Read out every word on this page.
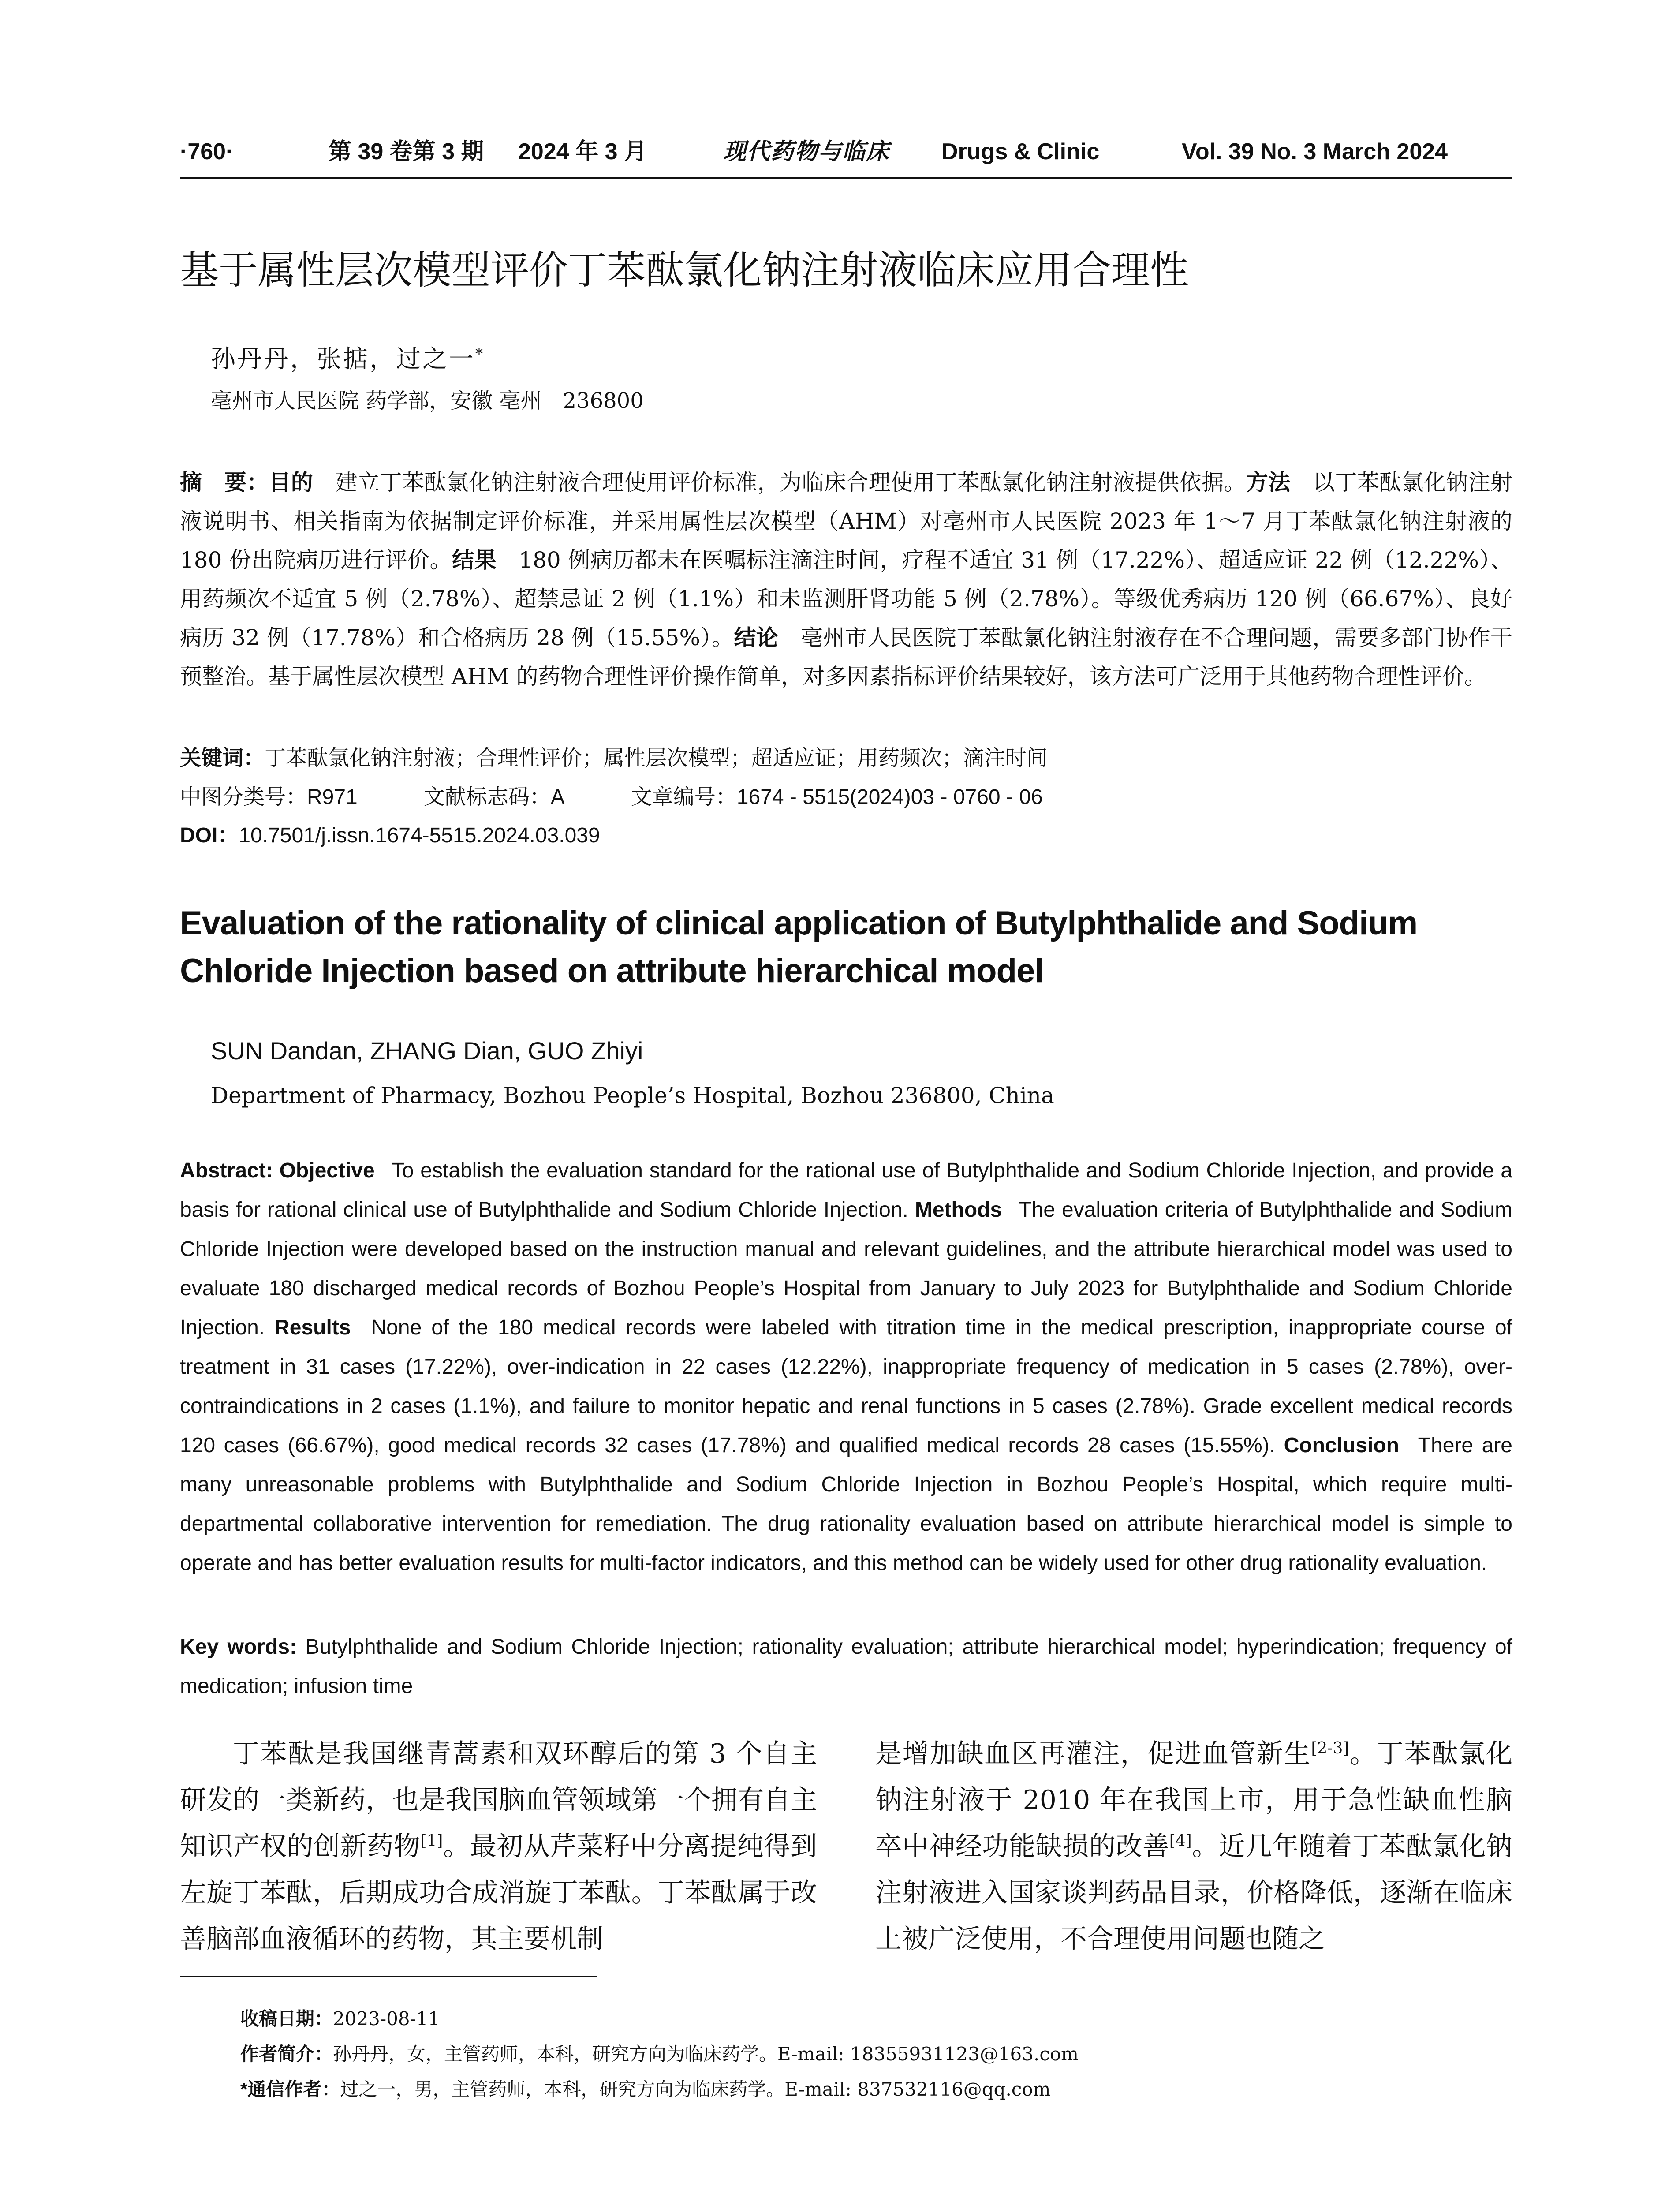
·760·	第 39 卷第 3 期 2024 年 3 月	现代药物与临床 Drugs & Clinic	Vol. 39 No. 3 March 2024
基于属性层次模型评价丁苯酞氯化钠注射液临床应用合理性
孙丹丹，张掂，过之一*
亳州市人民医院 药学部，安徽 亳州　236800
摘　要：目的  建立丁苯酞氯化钠注射液合理使用评价标准，为临床合理使用丁苯酞氯化钠注射液提供依据。方法  以丁苯酞氯化钠注射液说明书、相关指南为依据制定评价标准，并采用属性层次模型（AHM）对亳州市人民医院 2023 年 1～7 月丁苯酞氯化钠注射液的 180 份出院病历进行评价。结果  180 例病历都未在医嘱标注滴注时间，疗程不适宜 31 例（17.22%）、超适应证 22 例（12.22%）、用药频次不适宜 5 例（2.78%）、超禁忌证 2 例（1.1%）和未监测肝肾功能 5 例（2.78%）。等级优秀病历 120 例（66.67%）、良好病历 32 例（17.78%）和合格病历 28 例（15.55%）。结论  亳州市人民医院丁苯酞氯化钠注射液存在不合理问题，需要多部门协作干预整治。基于属性层次模型 AHM 的药物合理性评价操作简单，对多因素指标评价结果较好，该方法可广泛用于其他药物合理性评价。
关键词：丁苯酞氯化钠注射液；合理性评价；属性层次模型；超适应证；用药频次；滴注时间
中图分类号：R971	文献标志码：A	文章编号：1674 - 5515(2024)03 - 0760 - 06
DOI：10.7501/j.issn.1674-5515.2024.03.039
Evaluation of the rationality of clinical application of Butylphthalide and Sodium Chloride Injection based on attribute hierarchical model
SUN Dandan, ZHANG Dian, GUO Zhiyi
Department of Pharmacy, Bozhou People’s Hospital, Bozhou 236800, China
Abstract: Objective  To establish the evaluation standard for the rational use of Butylphthalide and Sodium Chloride Injection, and provide a basis for rational clinical use of Butylphthalide and Sodium Chloride Injection. Methods  The evaluation criteria of Butylphthalide and Sodium Chloride Injection were developed based on the instruction manual and relevant guidelines, and the attribute hierarchical model was used to evaluate 180 discharged medical records of Bozhou People’s Hospital from January to July 2023 for Butylphthalide and Sodium Chloride Injection. Results  None of the 180 medical records were labeled with titration time in the medical prescription, inappropriate course of treatment in 31 cases (17.22%), over-indication in 22 cases (12.22%), inappropriate frequency of medication in 5 cases (2.78%), over-contraindications in 2 cases (1.1%), and failure to monitor hepatic and renal functions in 5 cases (2.78%). Grade excellent medical records 120 cases (66.67%), good medical records 32 cases (17.78%) and qualified medical records 28 cases (15.55%). Conclusion  There are many unreasonable problems with Butylphthalide and Sodium Chloride Injection in Bozhou People’s Hospital, which require multi-departmental collaborative intervention for remediation. The drug rationality evaluation based on attribute hierarchical model is simple to operate and has better evaluation results for multi-factor indicators, and this method can be widely used for other drug rationality evaluation.
Key words: Butylphthalide and Sodium Chloride Injection; rationality evaluation; attribute hierarchical model; hyperindication; frequency of medication; infusion time
丁苯酞是我国继青蒿素和双环醇后的第 3 个自主研发的一类新药，也是我国脑血管领域第一个拥有自主知识产权的创新药物[1]。最初从芹菜籽中分离提纯得到左旋丁苯酞，后期成功合成消旋丁苯酞。丁苯酞属于改善脑部血液循环的药物，其主要机制
是增加缺血区再灌注，促进血管新生[2-3]。丁苯酞氯化钠注射液于 2010 年在我国上市，用于急性缺血性脑卒中神经功能缺损的改善[4]。近几年随着丁苯酞氯化钠注射液进入国家谈判药品目录，价格降低，逐渐在临床上被广泛使用，不合理使用问题也随之
收稿日期：2023-08-11
作者简介：孙丹丹，女，主管药师，本科，研究方向为临床药学。E-mail: 18355931123@163.com
*通信作者：过之一，男，主管药师，本科，研究方向为临床药学。E-mail: 837532116@qq.com
